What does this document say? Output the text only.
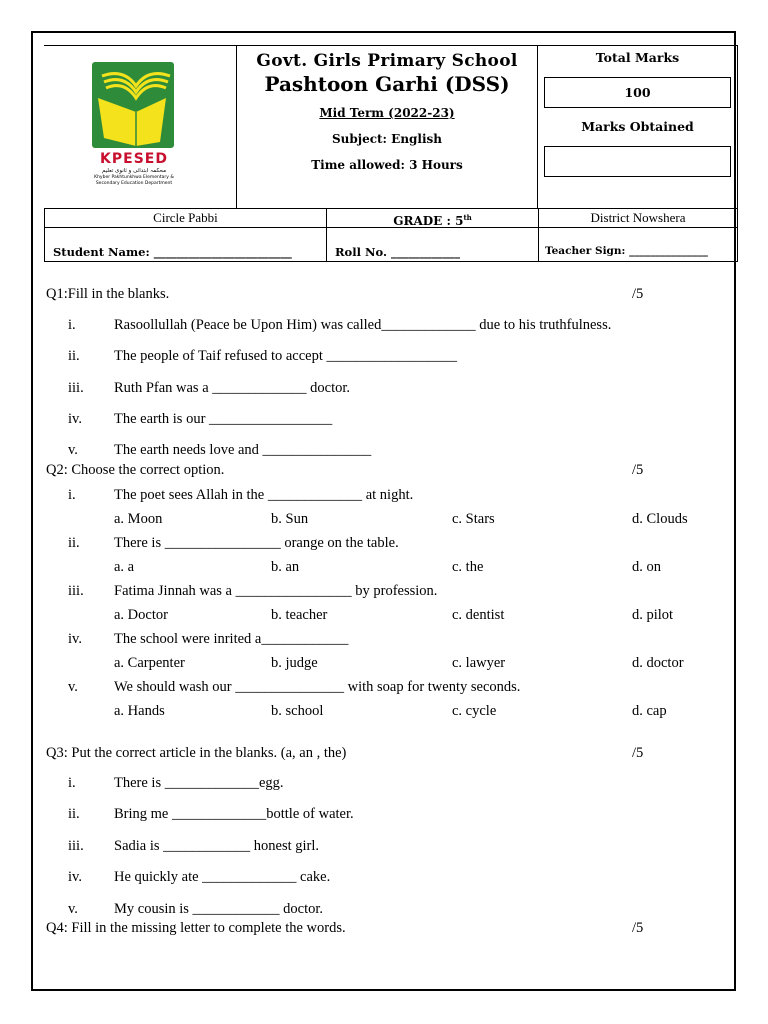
KPESED
محکمہ ابتدائی و ثانوی تعلیم
Khyber Pakhtunkhwa Elementary &
Secondary Education Department
Govt. Girls Primary School
Pashtoon Garhi (DSS)
Mid Term (2022-23)
Subject: English
Time allowed: 3 Hours
Total Marks
100
Marks Obtained
Circle Pabbi	GRADE : 5th	District Nowshera
Student Name: ________________________	Roll No. ____________	Teacher Sign: _______________
Q1:Fill in the blanks.	/5
i.	Rasoollullah (Peace be Upon Him) was called_____________ due to his truthfulness.
ii. The people of Taif refused to accept __________________
iii. Ruth Pfan was a _____________ doctor.
iv. The earth is our _________________
v. The earth needs love and _______________
Q2: Choose the correct option.	/5
i.	The poet sees Allah in the _____________ at night.
a. Moon	b. Sun	c. Stars	d. Clouds
ii. There is ________________ orange on the table.
a. a	b. an	c. the	d. on
iii. Fatima Jinnah was a ________________ by profession.
a. Doctor	b. teacher	c. dentist	d. pilot
iv. The school were inrited a____________
a. Carpenter	b. judge	c. lawyer	d. doctor
v. We should wash our _______________ with soap for twenty seconds.
a. Hands	b. school	c. cycle	d. cap
Q3: Put the correct article in the blanks. (a, an , the)	/5
i.	There is _____________egg.
ii. Bring me _____________bottle of water.
iii. Sadia is ____________ honest girl.
iv. He quickly ate _____________ cake.
v. My cousin is ____________ doctor.
Q4: Fill in the missing letter to complete the words.	/5
